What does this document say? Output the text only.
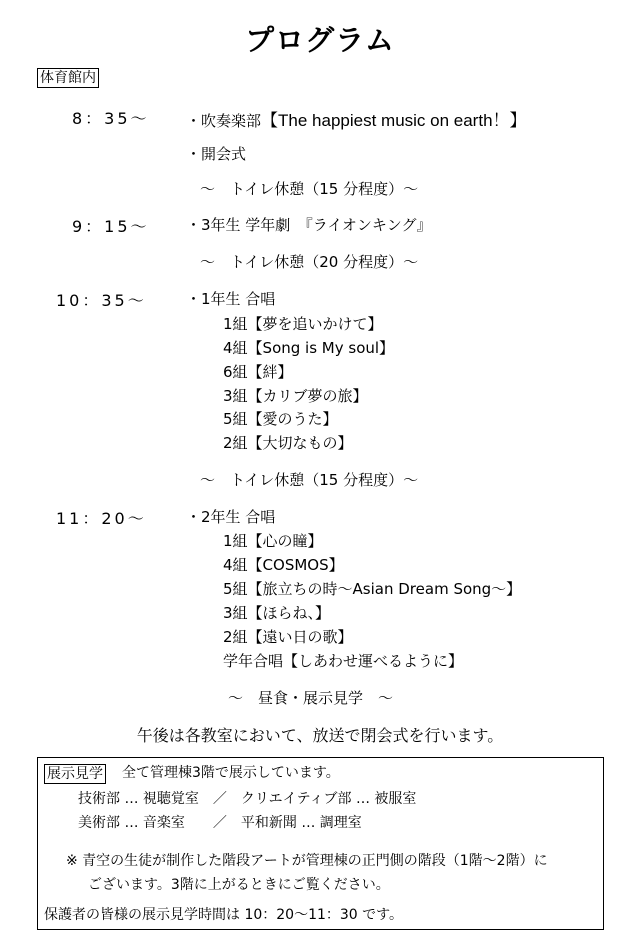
プログラム
体育館内
8：35～ ・吹奏楽部【The happiest music on earth！】
・開会式
～　トイレ休憩（15 分程度）～
9：15～ ・3年生 学年劇　『ライオンキング』
～　トイレ休憩（20 分程度）～
10：35～	・1年生 合唱
1組【夢を追いかけて】
4組【Song is My soul】
6組【絆】
3組【カリブ夢の旅】
5組【愛のうた】
2組【大切なもの】
～　トイレ休憩（15 分程度）～
11：20～	・2年生 合唱
1組【心の瞳】
4組【COSMOS】
5組【旅立ちの時～Asian Dream Song～】
3組【ほらね、】
2組【遠い日の歌】
学年合唱【しあわせ運べるように】
～　昼食・展示見学　～
午後は各教室において、放送で閉会式を行います。
展示見学 全て管理棟3階で展示しています。
技術部 … 視聴覚室　／　クリエイティブ部 … 被服室
美術部 … 音楽室　　／　平和新聞 … 調理室
※ 青空の生徒が制作した階段アートが管理棟の正門側の階段（1階～2階）に
ございます。3階に上がるときにご覧ください。
保護者の皆様の展示見学時間は 10：20～11：30 です。
